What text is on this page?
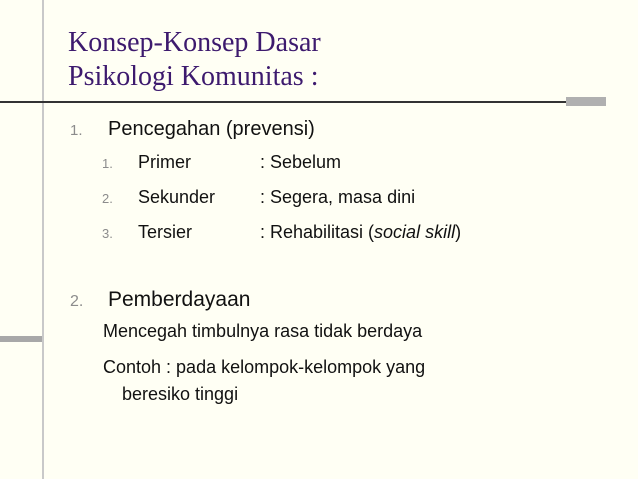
Konsep-Konsep Dasar
Psikologi Komunitas :
1. Pencegahan (prevensi)
1. Primer	: Sebelum
2. Sekunder : Segera, masa dini
3. Tersier	: Rehabilitasi (social skill)
2. Pemberdayaan
Mencegah timbulnya rasa tidak berdaya
Contoh : pada kelompok-kelompok yang
beresiko tinggi
